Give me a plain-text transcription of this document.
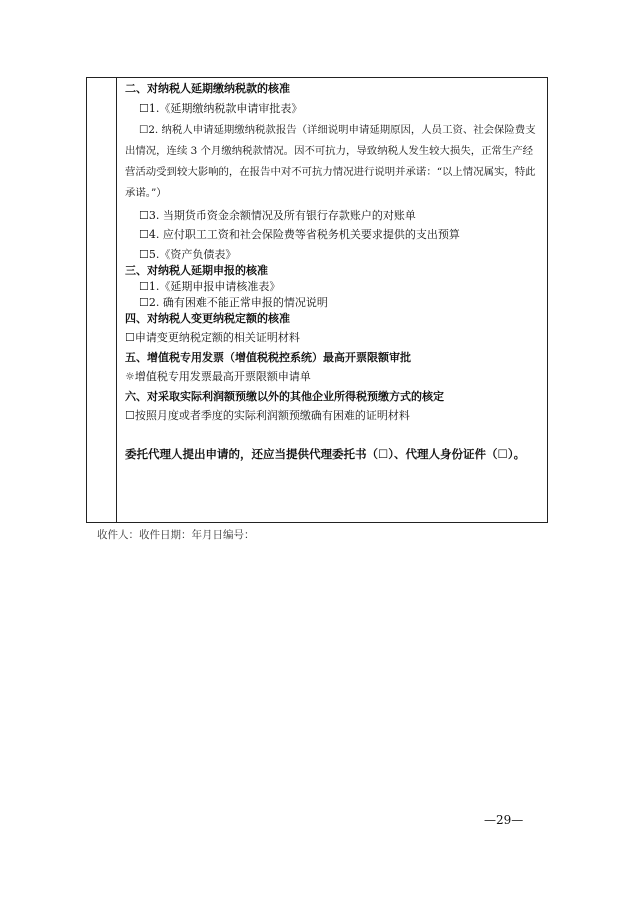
二、对纳税人延期缴纳税款的核准
☐1.《延期缴纳税款申请审批表》
☐2. 纳税人申请延期缴纳税款报告（详细说明申请延期原因，人员工资、社会保险费支出情况，连续 3 个月缴纳税款情况。因不可抗力，导致纳税人发生较大损失，正常生产经营活动受到较大影响的，在报告中对不可抗力情况进行说明并承诺：“以上情况属实，特此承诺。”）
☐3. 当期货币资金余额情况及所有银行存款账户的对账单
☐4. 应付职工工资和社会保险费等省税务机关要求提供的支出预算
☐5.《资产负债表》
三、对纳税人延期申报的核准
☐1.《延期申报申请核准表》
☐2. 确有困难不能正常申报的情况说明
四、对纳税人变更纳税定额的核准
☐申请变更纳税定额的相关证明材料
五、增值税专用发票（增值税税控系统）最高开票限额审批
☼增值税专用发票最高开票限额申请单
六、对采取实际利润额预缴以外的其他企业所得税预缴方式的核定
☐按照月度或者季度的实际利润额预缴确有困难的证明材料
委托代理人提出申请的，还应当提供代理委托书（☐）、代理人身份证件（☐）。
收件人：收件日期：年月日编号：
—29—
